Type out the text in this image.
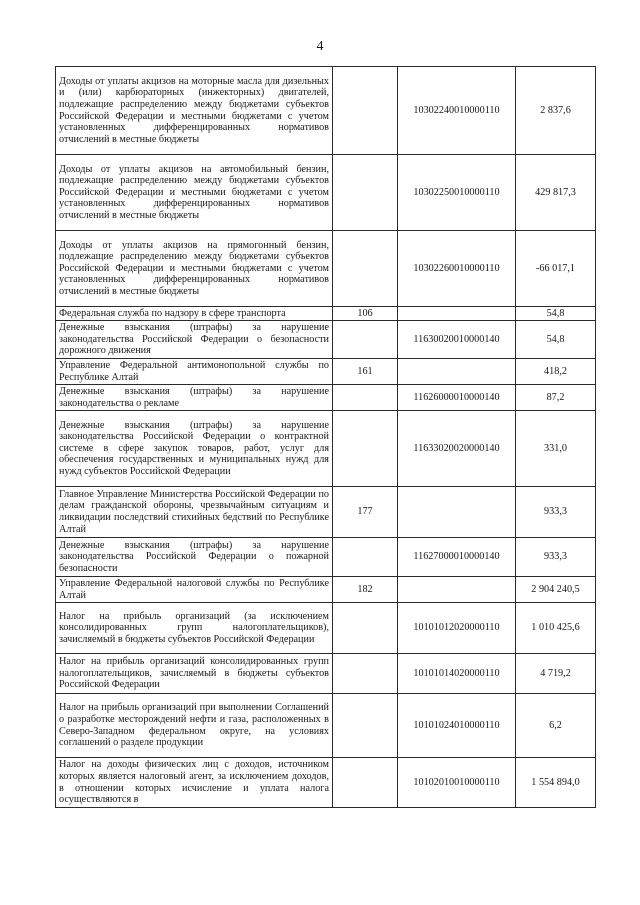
4
Доходы от уплаты акцизов на моторные масла для дизельных и (или) карбюраторных (инжекторных) двигателей, подлежащие распределению между бюджетами субъектов Российской Федерации и местными бюджетами с учетом установленных дифференцированных нормативов отчислений в местные бюджеты		10302240010000110	2 837,6
Доходы от уплаты акцизов на автомобильный бензин, подлежащие распределению между бюджетами субъектов Российской Федерации и местными бюджетами с учетом установленных дифференцированных нормативов отчислений в местные бюджеты		10302250010000110	429 817,3
Доходы от уплаты акцизов на прямогонный бензин, подлежащие распределению между бюджетами субъектов Российской Федерации и местными бюджетами с учетом установленных дифференцированных нормативов отчислений в местные бюджеты		10302260010000110	-66 017,1
Федеральная служба по надзору в сфере транспорта	106		54,8
Денежные взыскания (штрафы) за нарушение законодательства Российской Федерации о безопасности дорожного движения		11630020010000140	54,8
Управление Федеральной антимонопольной службы по Республике Алтай	161		418,2
Денежные взыскания (штрафы) за нарушение законодательства о рекламе		11626000010000140	87,2
Денежные взыскания (штрафы) за нарушение законодательства Российской Федерации о контрактной системе в сфере закупок товаров, работ, услуг для обеспечения государственных и муниципальных нужд для нужд субъектов Российской Федерации		11633020020000140	331,0
Главное Управление Министерства Российской Федерации по делам гражданской обороны, чрезвычайным ситуациям и ликвидации последствий стихийных бедствий по Республике Алтай	177		933,3
Денежные взыскания (штрафы) за нарушение законодательства Российской Федерации о пожарной безопасности		11627000010000140	933,3
Управление Федеральной налоговой службы по Республике Алтай	182		2 904 240,5
Налог на прибыль организаций (за исключением консолидированных групп налогоплательщиков), зачисляемый в бюджеты субъектов Российской Федерации		10101012020000110	1 010 425,6
Налог на прибыль организаций консолидированных групп налогоплательщиков, зачисляемый в бюджеты субъектов Российской Федерации		10101014020000110	4 719,2
Налог на прибыль организаций при выполнении Соглашений о разработке месторождений нефти и газа, расположенных в Северо-Западном федеральном округе, на условиях соглашений о разделе продукции		10101024010000110	6,2
Налог на доходы физических лиц с доходов, источником которых является налоговый агент, за исключением доходов, в отношении которых исчисление и уплата налога осуществляются в		10102010010000110	1 554 894,0
